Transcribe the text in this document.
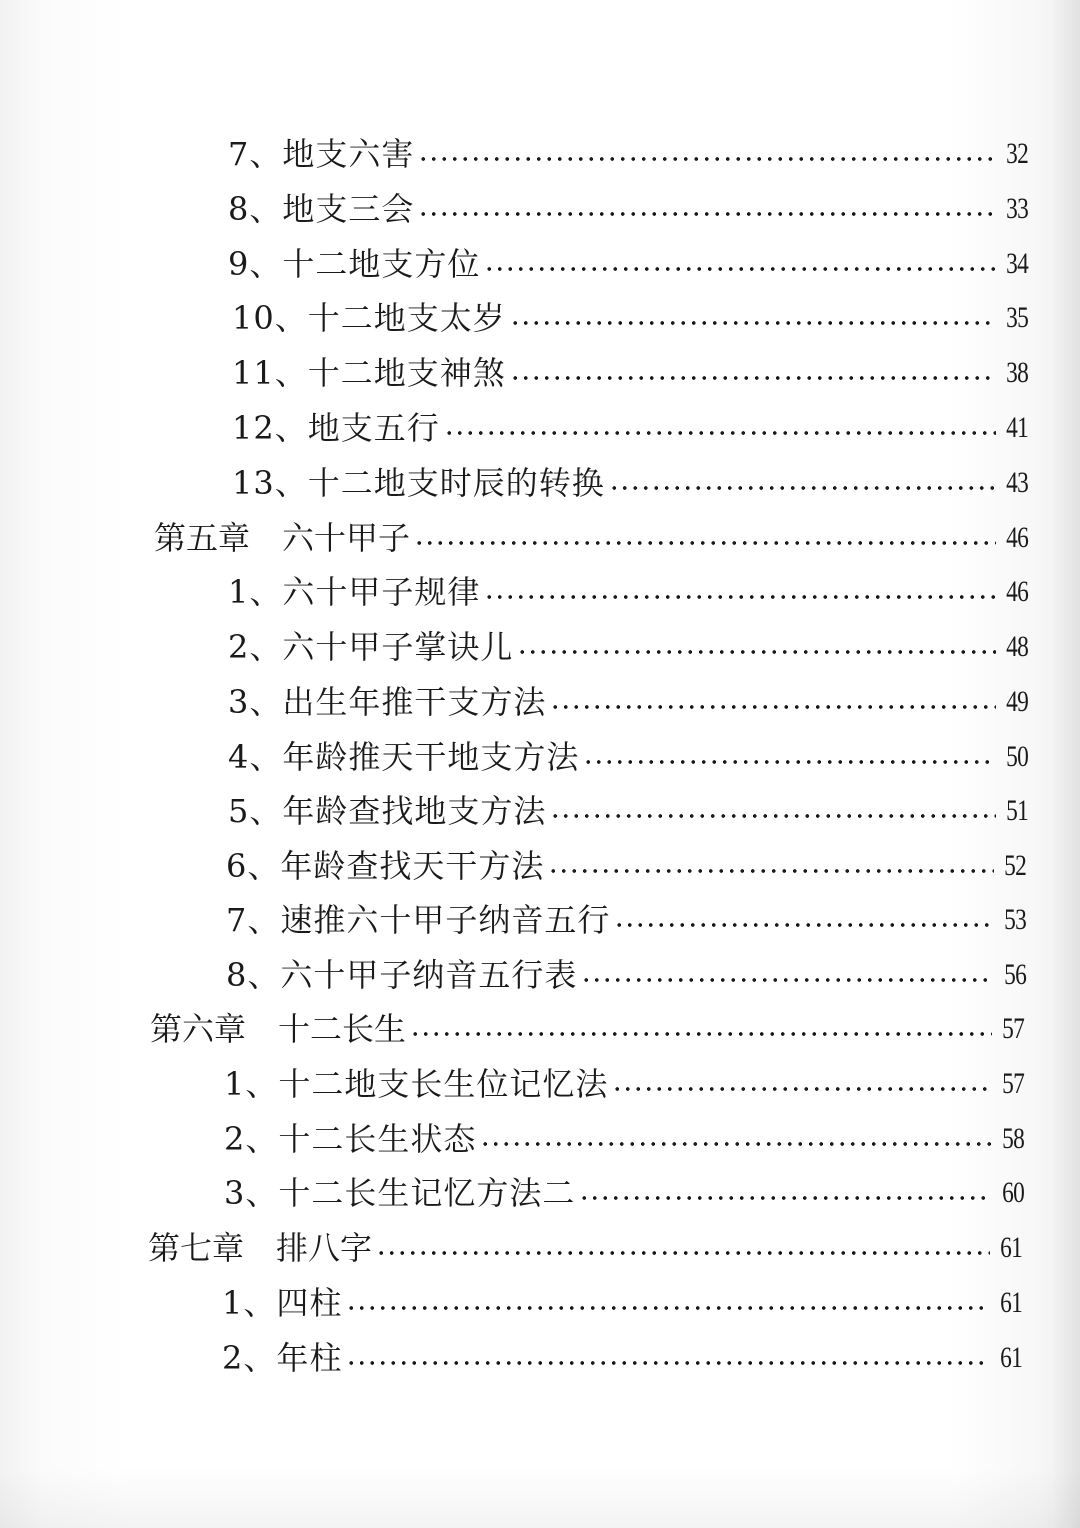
7、地支六害	32
8、地支三会	33
9、十二地支方位	34
10、十二地支太岁	35
11、十二地支神煞	38
12、地支五行	41
13、十二地支时辰的转换	43
第五章　六十甲子	46
1、六十甲子规律	46
2、六十甲子掌诀儿	48
3、出生年推干支方法	49
4、年龄推天干地支方法	50
5、年龄查找地支方法	51
6、年龄查找天干方法	52
7、速推六十甲子纳音五行	53
8、六十甲子纳音五行表	56
第六章　十二长生	57
1、十二地支长生位记忆法	57
2、十二长生状态	58
3、十二长生记忆方法二	60
第七章　排八字	61
1、四柱	61
2、年柱	61
